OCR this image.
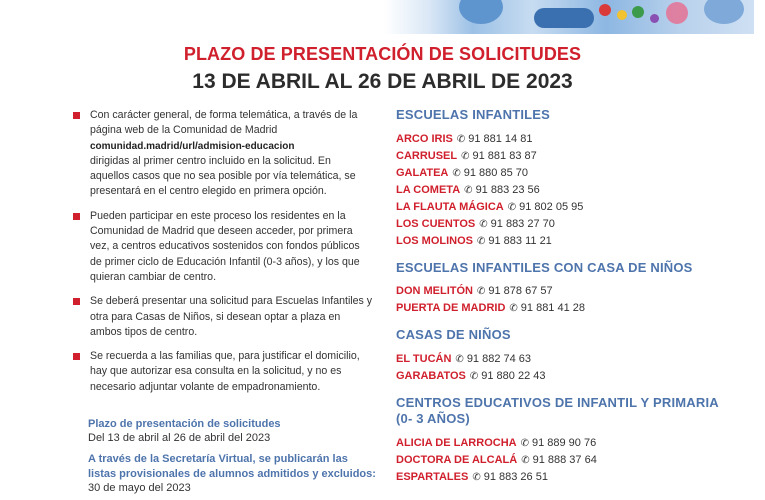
PLAZO DE PRESENTACIÓN DE SOLICITUDES
13 DE ABRIL AL 26 DE ABRIL DE 2023
Con carácter general, de forma telemática, a través de la página web de la Comunidad de Madrid
comunidad.madrid/url/admision-educacion
dirigidas al primer centro incluido en la solicitud. En aquellos casos que no sea posible por vía telemática, se presentará en el centro elegido en primera opción.
Pueden participar en este proceso los residentes en la Comunidad de Madrid que deseen acceder, por primera vez, a centros educativos sostenidos con fondos públicos de primer ciclo de Educación Infantil (0-3 años), y los que quieran cambiar de centro.
Se deberá presentar una solicitud para Escuelas Infantiles y otra para Casas de Niños, si desean optar a plaza en ambos tipos de centro.
Se recuerda a las familias que, para justificar el domicilio, hay que autorizar esa consulta en la solicitud, y no es necesario adjuntar volante de empadronamiento.
Plazo de presentación de solicitudes
Del 13 de abril al 26 de abril del 2023
A través de la Secretaría Virtual, se publicarán las listas provisionales de alumnos admitidos y excluidos: 30 de mayo del 2023
ESCUELAS INFANTILES
ARCO IRIS ✆ 91 881 14 81
CARRUSEL ✆ 91 881 83 87
GALATEA ✆ 91 880 85 70
LA COMETA ✆ 91 883 23 56
LA FLAUTA MÁGICA ✆ 91 802 05 95
LOS CUENTOS ✆ 91 883 27 70
LOS MOLINOS ✆ 91 883 11 21
ESCUELAS INFANTILES CON CASA DE NIÑOS
DON MELITÓN ✆ 91 878 67 57
PUERTA DE MADRID ✆ 91 881 41 28
CASAS DE NIÑOS
EL TUCÁN ✆ 91 882 74 63
GARABATOS ✆ 91 880 22 43
CENTROS EDUCATIVOS DE INFANTIL Y PRIMARIA (0- 3 AÑOS)
ALICIA DE LARROCHA ✆ 91 889 90 76
DOCTORA DE ALCALÁ ✆ 91 888 37 64
ESPARTALES ✆ 91 883 26 51
